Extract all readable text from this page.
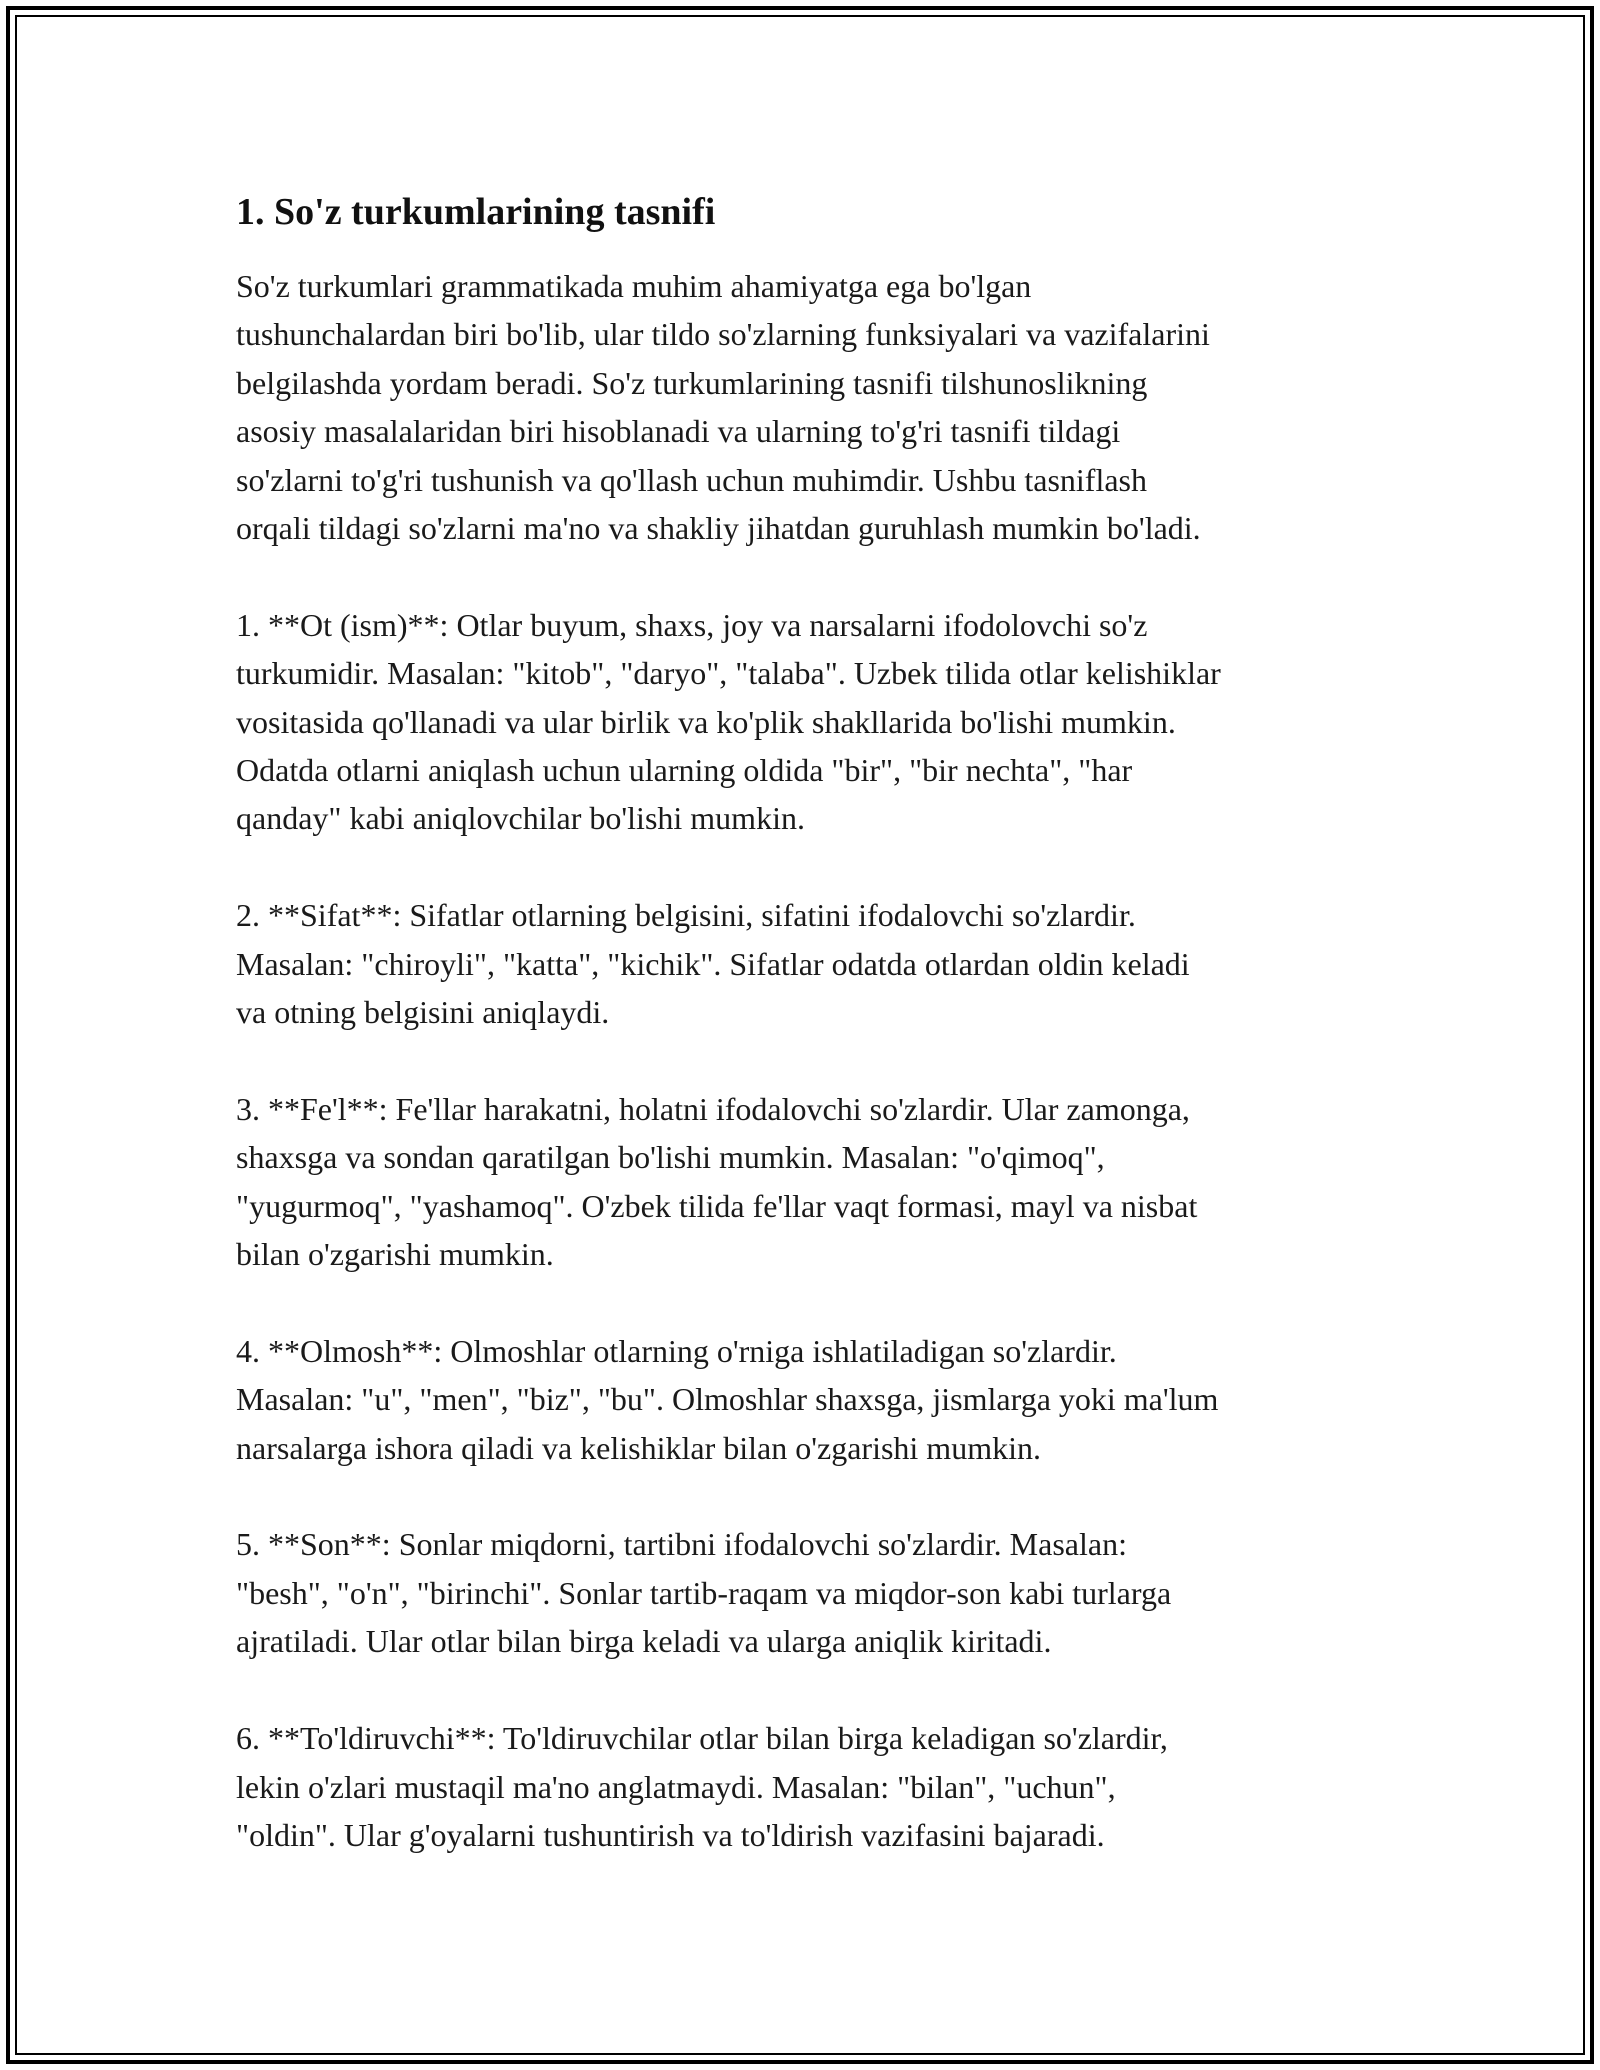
1. So'z turkumlarining tasnifi

So'z turkumlari grammatikada muhim ahamiyatga ega bo'lgan
tushunchalardan biri bo'lib, ular tildo so'zlarning funksiyalari va vazifalarini
belgilashda yordam beradi. So'z turkumlarining tasnifi tilshunoslikning
asosiy masalalaridan biri hisoblanadi va ularning to'g'ri tasnifi tildagi
so'zlarni to'g'ri tushunish va qo'llash uchun muhimdir. Ushbu tasniflash
orqali tildagi so'zlarni ma'no va shakliy jihatdan guruhlash mumkin bo'ladi.

1. **Ot (ism)**: Otlar buyum, shaxs, joy va narsalarni ifodolovchi so'z
turkumidir. Masalan: "kitob", "daryo", "talaba". Uzbek tilida otlar kelishiklar
vositasida qo'llanadi va ular birlik va ko'plik shakllarida bo'lishi mumkin.
Odatda otlarni aniqlash uchun ularning oldida "bir", "bir nechta", "har
qanday" kabi aniqlovchilar bo'lishi mumkin.

2. **Sifat**: Sifatlar otlarning belgisini, sifatini ifodalovchi so'zlardir.
Masalan: "chiroyli", "katta", "kichik". Sifatlar odatda otlardan oldin keladi
va otning belgisini aniqlaydi.

3. **Fe'l**: Fe'llar harakatni, holatni ifodalovchi so'zlardir. Ular zamonga,
shaxsga va sondan qaratilgan bo'lishi mumkin. Masalan: "o'qimoq",
"yugurmoq", "yashamoq". O'zbek tilida fe'llar vaqt formasi, mayl va nisbat
bilan o'zgarishi mumkin.

4. **Olmosh**: Olmoshlar otlarning o'rniga ishlatiladigan so'zlardir.
Masalan: "u", "men", "biz", "bu". Olmoshlar shaxsga, jismlarga yoki ma'lum
narsalarga ishora qiladi va kelishiklar bilan o'zgarishi mumkin.

5. **Son**: Sonlar miqdorni, tartibni ifodalovchi so'zlardir. Masalan:
"besh", "o'n", "birinchi". Sonlar tartib-raqam va miqdor-son kabi turlarga
ajratiladi. Ular otlar bilan birga keladi va ularga aniqlik kiritadi.

6. **To'ldiruvchi**: To'ldiruvchilar otlar bilan birga keladigan so'zlardir,
lekin o'zlari mustaqil ma'no anglatmaydi. Masalan: "bilan", "uchun",
"oldin". Ular g'oyalarni tushuntirish va to'ldirish vazifasini bajaradi.
